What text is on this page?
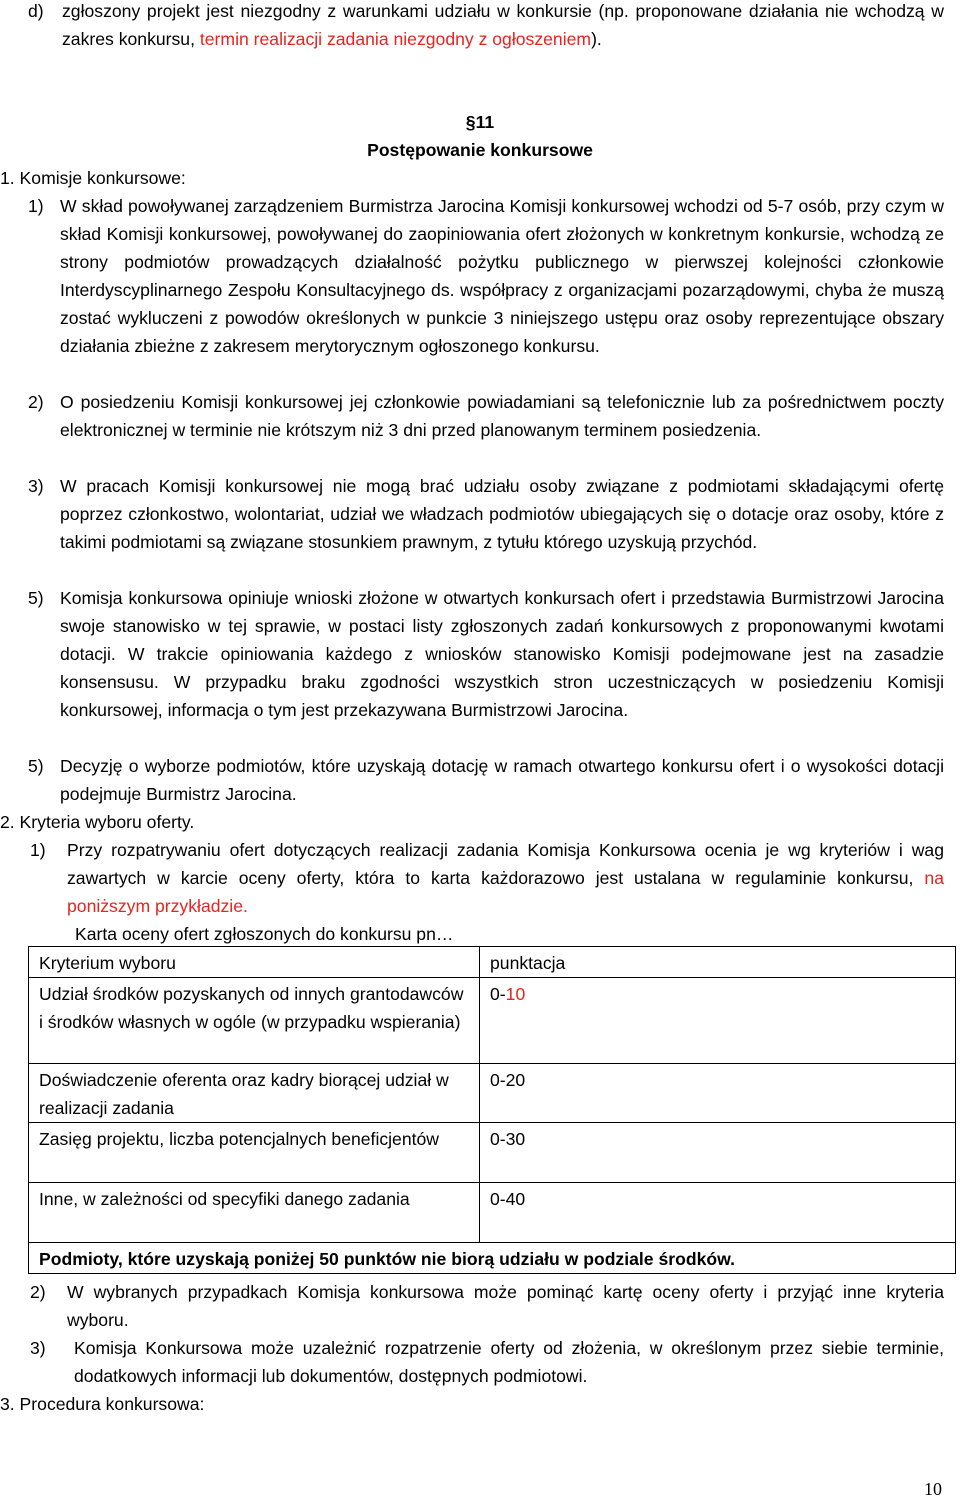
d) zgłoszony projekt jest niezgodny z warunkami udziału w konkursie (np. proponowane działania nie wchodzą w zakres konkursu, termin realizacji zadania niezgodny z ogłoszeniem).
§11
Postępowanie konkursowe
1. Komisje konkursowe:
1) W skład powoływanej zarządzeniem Burmistrza Jarocina Komisji konkursowej wchodzi od 5-7 osób, przy czym w skład Komisji konkursowej, powoływanej do zaopiniowania ofert złożonych w konkretnym konkursie, wchodzą ze strony podmiotów prowadzących działalność pożytku publicznego w pierwszej kolejności członkowie Interdyscyplinarnego Zespołu Konsultacyjnego ds. współpracy z organizacjami pozarządowymi, chyba że muszą zostać wykluczeni z powodów określonych w punkcie 3 niniejszego ustępu oraz osoby reprezentujące obszary działania zbieżne z zakresem merytorycznym ogłoszonego konkursu.
2) O posiedzeniu Komisji konkursowej jej członkowie powiadamiani są telefonicznie lub za pośrednictwem poczty elektronicznej w terminie nie krótszym niż 3 dni przed planowanym terminem posiedzenia.
3) W pracach Komisji konkursowej nie mogą brać udziału osoby związane z podmiotami składającymi ofertę poprzez członkostwo, wolontariat, udział we władzach podmiotów ubiegających się o dotacje oraz osoby, które z takimi podmiotami są związane stosunkiem prawnym, z tytułu którego uzyskują przychód.
5) Komisja konkursowa opiniuje wnioski złożone w otwartych konkursach ofert i przedstawia Burmistrzowi Jarocina swoje stanowisko w tej sprawie, w postaci listy zgłoszonych zadań konkursowych z proponowanymi kwotami dotacji. W trakcie opiniowania każdego z wniosków stanowisko Komisji podejmowane jest na zasadzie konsensusu. W przypadku braku zgodności wszystkich stron uczestniczących w posiedzeniu Komisji konkursowej, informacja o tym jest przekazywana Burmistrzowi Jarocina.
5) Decyzję o wyborze podmiotów, które uzyskają dotację w ramach otwartego konkursu ofert i o wysokości dotacji podejmuje Burmistrz Jarocina.
2. Kryteria wyboru oferty.
1) Przy rozpatrywaniu ofert dotyczących realizacji zadania Komisja Konkursowa ocenia je wg kryteriów i wag zawartych w karcie oceny oferty, która to karta każdorazowo jest ustalana w regulaminie konkursu, na poniższym przykładzie.
Karta oceny ofert zgłoszonych do konkursu pn…
Kryterium wyboru	punktacja
Udział środków pozyskanych od innych grantodawców i środków własnych w ogóle (w przypadku wspierania)	0-10
Doświadczenie oferenta oraz kadry biorącej udział w realizacji zadania	0-20
Zasięg projektu, liczba potencjalnych beneficjentów	0-30
Inne, w zależności od specyfiki danego zadania	0-40
Podmioty, które uzyskają poniżej 50 punktów nie biorą udziału w podziale środków.	
2) W wybranych przypadkach Komisja konkursowa może pominąć kartę oceny oferty i przyjąć inne kryteria wyboru.
3) Komisja Konkursowa może uzależnić rozpatrzenie oferty od złożenia, w określonym przez siebie terminie, dodatkowych informacji lub dokumentów, dostępnych podmiotowi.
3. Procedura konkursowa:
10
